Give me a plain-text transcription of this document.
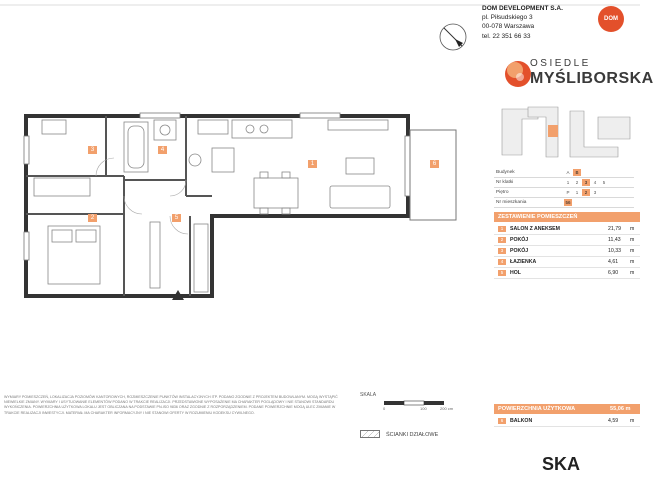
DOM DEVELOPMENT S.A.
pl. Piłsudskiego 3
00-078 Warszawa
tel. 22 351 66 33
DOM
OSIEDLE
MYŚLIBORSKA
Budynek	A	B
Nr klatki	1	2	3	4	5
Piętro	P	1	2	3
Nr mieszkania	56
ZESTAWIENIE POMIESZCZEŃ
1	SALON Z ANEKSEM	21,79 m
2	POKÓJ	11,43 m
3	POKÓJ	10,33 m
4	ŁAZIENKA	4,61 m
5	HOL	6,90 m
POWIERZCHNIA UŻYTKOWA	55,06 m
6	BALKON	4,59 m
1
2
3	4
5
6
WYMIARY POMIESZCZEŃ, LOKALIZACJA POZIOMÓW KANTOROWYCH, ROZMIESZCZENIE PUNKTÓW INSTALACYJNYCH ITP. PODANO ZGODNIE Z PROJEKTEM BUDOWLANYM. MOGĄ WYSTĄPIĆ NIEWIELKIE ZMIANY. WYMIARY I USYTUOWANIE ELEMENTÓW PODANO W TRAKCIE REALIZACJI. PRZEDSTAWIONE WYPOSAŻENIE MA CHARAKTER POGLĄDOWY I NIE STANOWI STANDARDU WYKOŃCZENIA. POWIERZCHNIA UŻYTKOWA LOKALU JEST OBLICZANA NA PODSTAWIE PN-ISO 9836 ORAZ ZGODNIE Z ROZPORZĄDZENIEM. PODANE POWIERZCHNIE MOGĄ ULEC ZMIANIE W TRAKCIE REALIZACJI INWESTYCJI. MATERIAŁ MA CHARAKTER INFORMACYJNY I NIE STANOWI OFERTY W ROZUMIENIU KODEKSU CYWILNEGO.
SKALA
0	100	200 cm
ŚCIANKI DZIAŁOWE
SKA
